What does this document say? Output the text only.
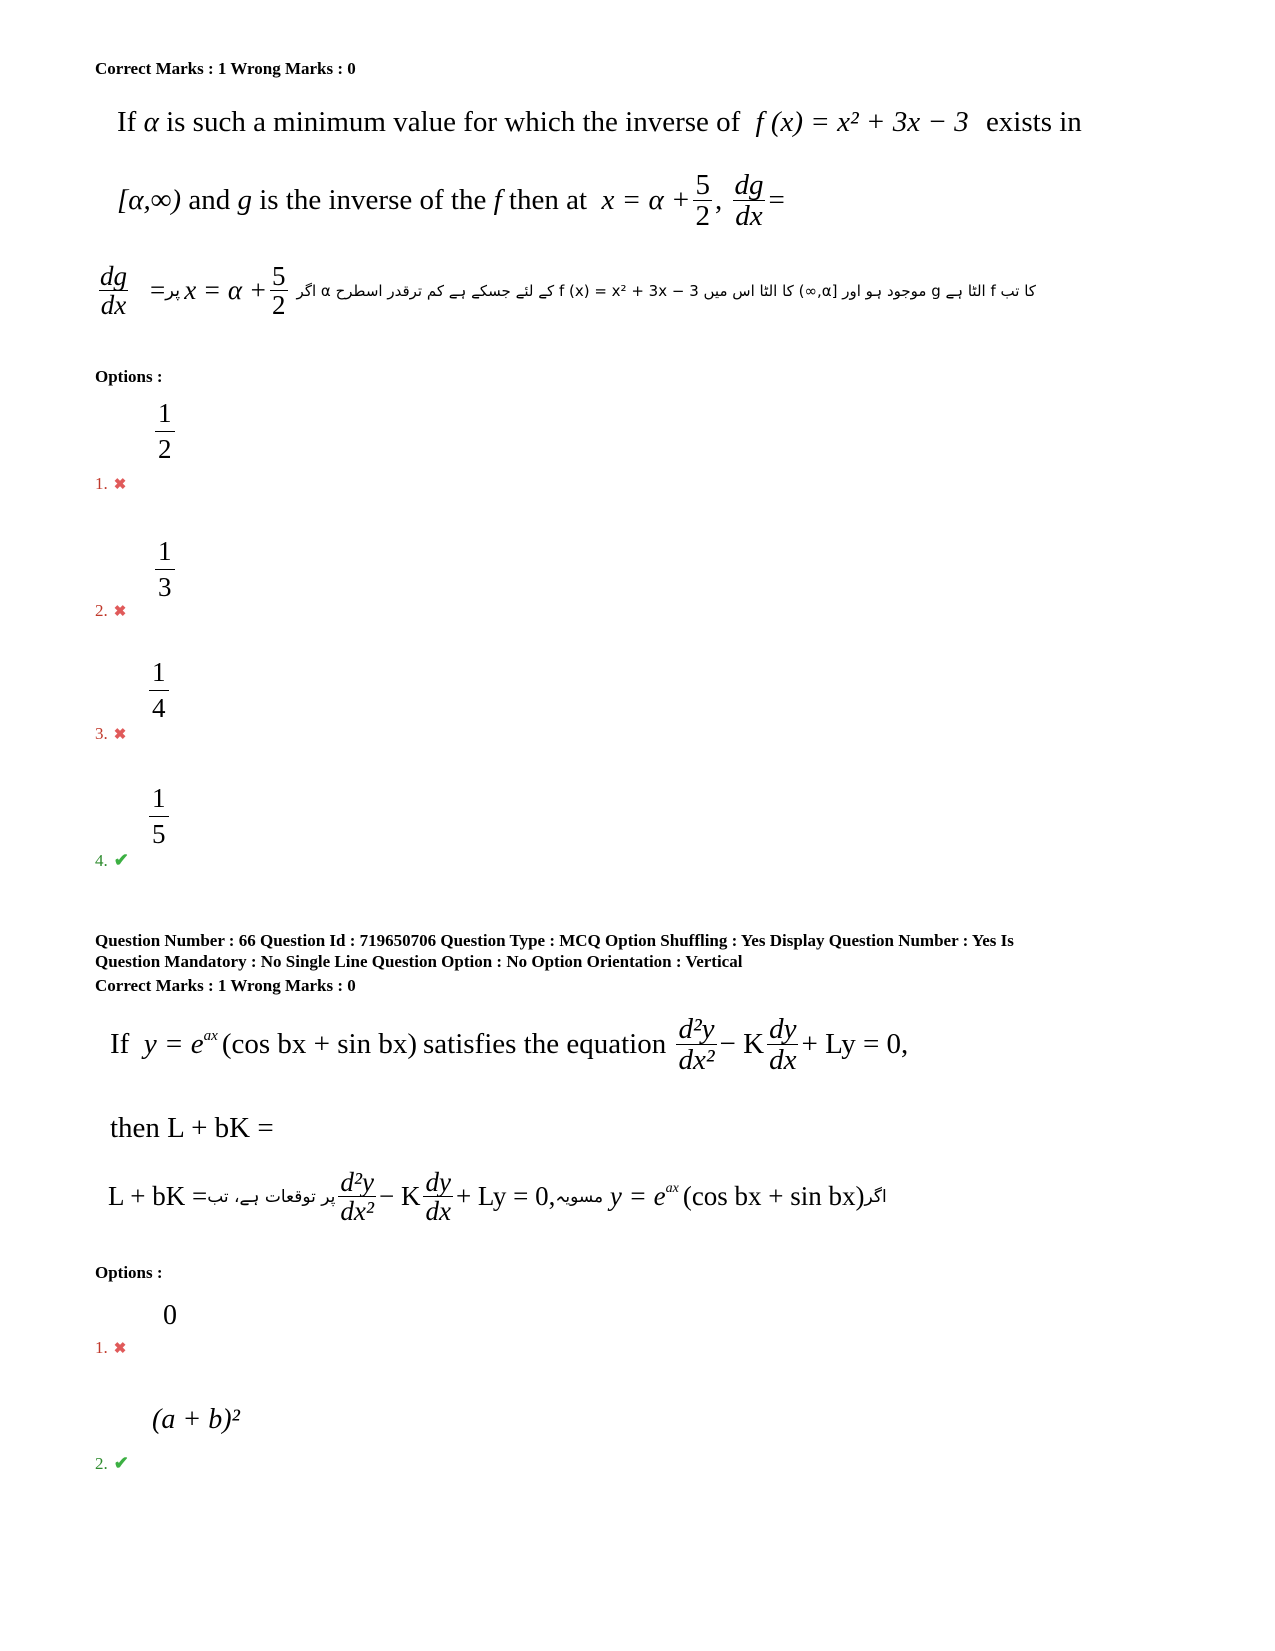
Correct Marks : 1 Wrong Marks : 0
If α is such a minimum value for which the inverse of f (x) = x² + 3x − 3 exists in
[α,∞)
and
g
is the inverse of the
f
then at
$x = \alpha + \frac{5}{2}$ ,
$\frac{dg}{dx}$ =
$\frac{dg}{dx}$ = پر $x = \alpha + \frac{5}{2}$ کا تب f الٹا ہے g موجود ہو اور [α,∞) کا الٹا اس میں f (x) = x² + 3x − 3 کے لئے جسکے ہے کم ترقدر اسطرح α اگر
Options :
$\frac{1}{2}$
1. ✖
$\frac{1}{3}$
2. ✖
$\frac{1}{4}$
3. ✖
$\frac{1}{5}$
4. ✔
Question Number : 66 Question Id : 719650706 Question Type : MCQ Option Shuffling : Yes Display Question Number : Yes Is
Question Mandatory : No Single Line Question Option : No Option Orientation : Vertical
Correct Marks : 1 Wrong Marks : 0
If
$y = e^{ax}$ (cos bx + sin bx) satisfies the equation
$\frac{\text{d²y}}{\text{dx²}} - K \frac{dy}{dx} + Ly = 0$,
then L + bK =
L + bK = پر توقعات ہے، تب $\frac{\text{d²y}}{\text{dx²}} - K \frac{dy}{dx} + Ly = 0$, مسویہ
$y = e^{ax}$ (cos bx + sin bx) اگر
Options :
0
1. ✖
(a + b)²
2. ✔
